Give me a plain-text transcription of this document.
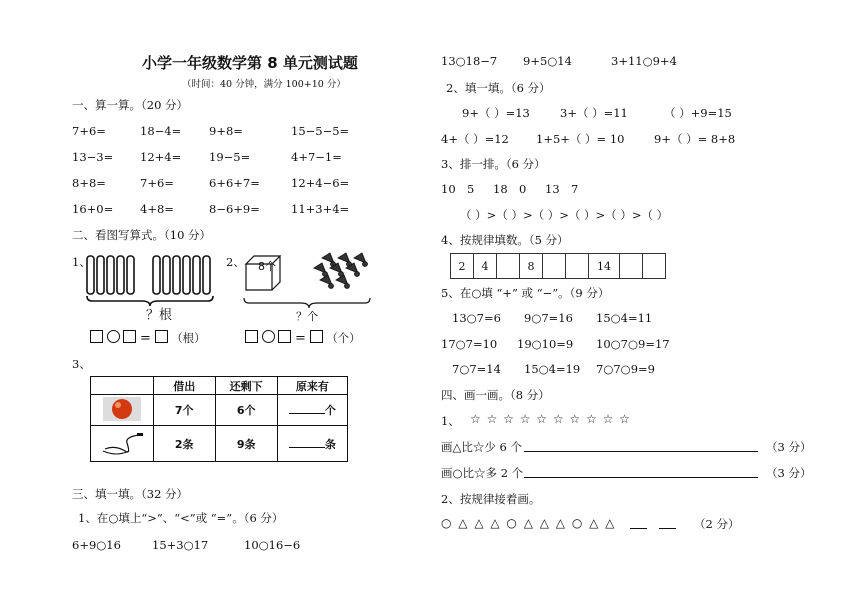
小学一年级数学第 8 单元测试题
（时间：40 分钟，满分 100+10 分）
一、算一算。（20 分）
7+6=	18−4= 9+8=	15−5−5=
13−3= 12+4= 19−5=	4+7−1=
8+8=	7+6=	6+6+7=	12+4−6=
16+0= 4+8=	8−6+9=	11+3+4=
二、看图写算式。（10 分）
1、
？根
= （根）
2、 8个
？个
= （个）
3、
	借出	还剩下	原来有
	7个	6个	个
	2条	9条	条
三、填一填。（32 分）
1、在○填上“>”、“<”或 “=”。（6 分）
6+9○16	15+3○17	10○16−6
13○18−7	9+5○14	3+11○9+4
2、填一填。（6 分）
9+（ ）=13	3+（ ）=11	（ ）+9=15
4+（ ）=12	1+5+（ ）= 10	9+（ ）= 8+8
3、排一排。（6 分）
10 5	18 0	13 7
（ ）>（ ）>（ ）>（ ）>（ ）>（ ）
4、按规律填数。（5 分）
2	4		8			14		
5、在○填 “+” 或 “−”。（9 分）
13○7=6	9○7=16	15○4=11
17○7=10	19○10=9	10○7○9=17
7○7=14	15○4=19	7○7○9=9
四、画一画。（8 分）
1、 ☆ ☆ ☆ ☆ ☆ ☆ ☆ ☆ ☆ ☆
画△比☆少 6 个	（3 分）
画○比☆多 2 个	（3 分）
2、按规律接着画。
○ △ △ △ ○ △ △ △ ○ △ △	（2 分）
